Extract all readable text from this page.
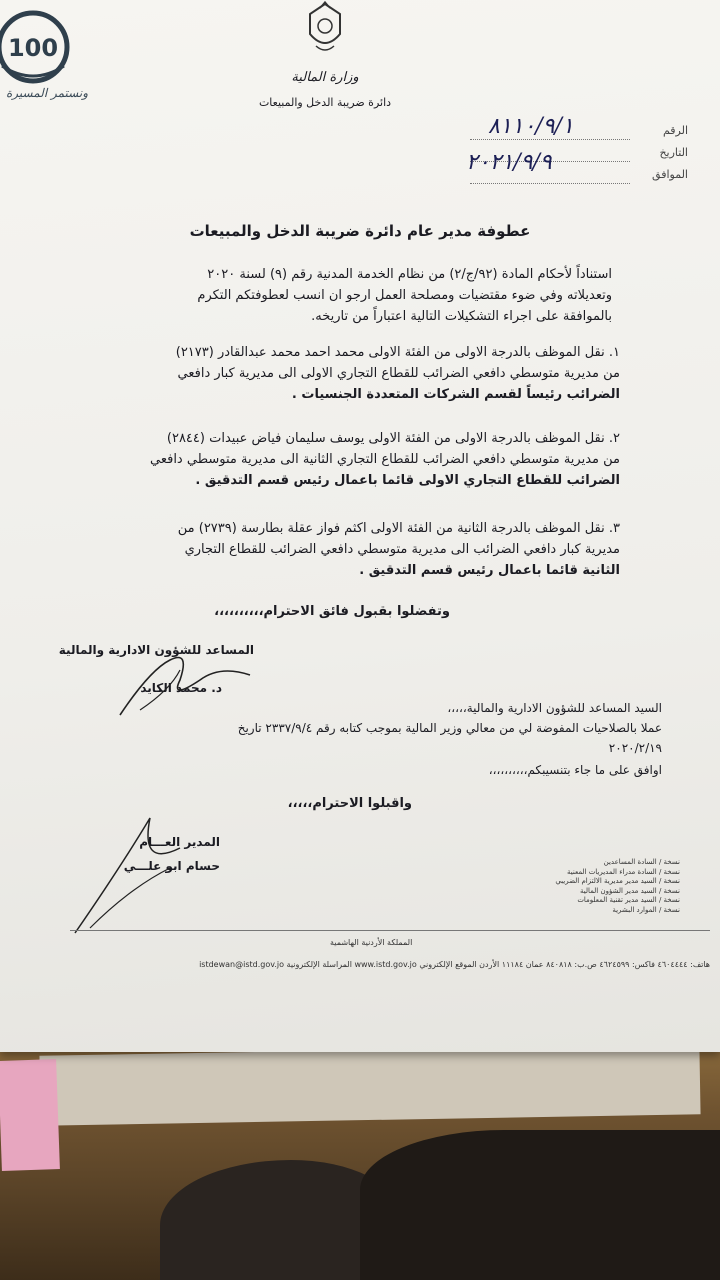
100
ونستمر المسيرة
وزارة المالية
دائرة ضريبة الدخل والمبيعات
الرقم
٨١١٠/٩/١
التاريخ
الموافق
٢٠٢١/٩/٩
عطوفة مدير عام دائرة ضريبة الدخل والمبيعات
استناداً لأحكام المادة (٩٢/ج/٢) من نظام الخدمة المدنية رقم (٩) لسنة ٢٠٢٠
وتعديلاته وفي ضوء مقتضيات ومصلحة العمل ارجو ان انسب لعطوفتكم التكرم
بالموافقة على اجراء التشكيلات التالية اعتباراً من تاريخه.
١. نقل الموظف بالدرجة الاولى من الفئة الاولى محمد احمد محمد عبدالقادر (٢١٧٣)
من مديرية متوسطي دافعي الضرائب للقطاع التجاري الاولى الى مديرية كبار دافعي
الضرائب رئيساً لقسم الشركات المتعددة الجنسيات .
٢. نقل الموظف بالدرجة الاولى من الفئة الاولى يوسف سليمان فياض عبيدات (٢٨٤٤)
من مديرية متوسطي دافعي الضرائب للقطاع التجاري الثانية الى مديرية متوسطي دافعي
الضرائب للقطاع التجاري الاولى قائما باعمال رئيس قسم التدقيق .
٣. نقل الموظف بالدرجة الثانية من الفئة الاولى اكثم فواز عقلة بطارسة (٢٧٣٩) من
مديرية كبار دافعي الضرائب الى مديرية متوسطي دافعي الضرائب للقطاع التجاري
الثانية قائما باعمال رئيس قسم التدقيق .
وتفضلوا بقبول فائق الاحترام،،،،،،،،،،
المساعد للشؤون الادارية والمالية
د. محمد الكايد
السيد المساعد للشؤون الادارية والمالية،،،،،
عملا بالصلاحيات المفوضة لي من معالي وزير المالية بموجب كتابه رقم ٢٣٣٧/٩/٤ تاريخ
٢٠٢٠/٢/١٩
اوافق على ما جاء بتنسيبكم،،،،،،،،،،
واقبلوا الاحترام،،،،،
المدير العـــام
حسام ابو علـــي	نسخة / السادة المساعدين
نسخة / السادة مدراء المديريات المعنية
نسخة / السيد مدير مديرية الالتزام الضريبي
نسخة / السيد مدير الشؤون المالية
نسخة / السيد مدير تقنية المعلومات
نسخة / الموارد البشرية
المملكة الأردنية الهاشمية
هاتف: ٤٦٠٤٤٤٤ فاكس: ٤٦٢٤٥٩٩ ص.ب: ٨٤٠٨١٨ عمان ١١١٨٤ الأردن الموقع الإلكتروني www.istd.gov.jo المراسلة الإلكترونية istdewan@istd.gov.jo
